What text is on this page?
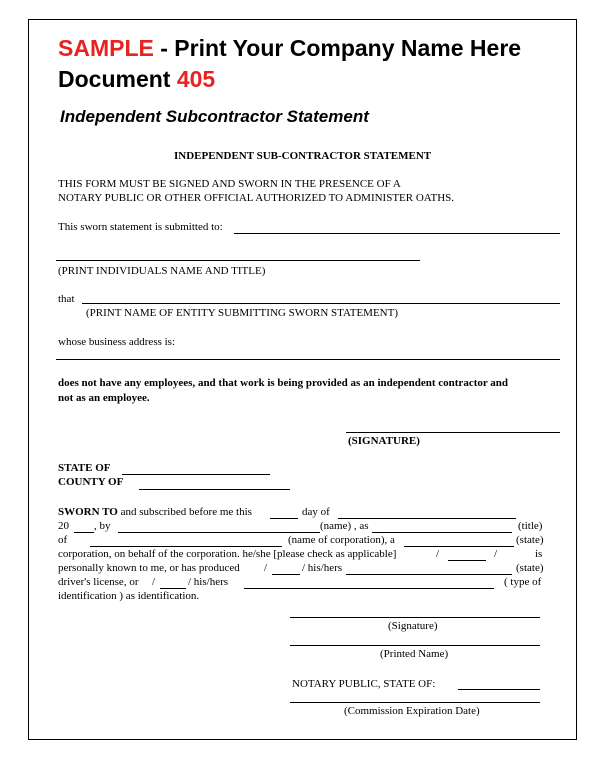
SAMPLE - Print Your Company Name Here
Document 405
Independent Subcontractor Statement
INDEPENDENT SUB-CONTRACTOR STATEMENT
THIS FORM MUST BE SIGNED AND SWORN IN THE PRESENCE OF A
NOTARY PUBLIC OR OTHER OFFICIAL AUTHORIZED TO ADMINISTER OATHS.
This sworn statement is submitted to:
(PRINT INDIVIDUALS NAME AND TITLE)
that
(PRINT NAME OF ENTITY SUBMITTING SWORN STATEMENT)
whose business address is:
does not have any employees, and that work is being provided as an independent contractor and
not as an employee.
(SIGNATURE)
STATE OF
COUNTY OF
SWORN TO and subscribed before me this	day of
20 , by	(name) , as	(title)
of	(name of corporation), a	(state)
corporation, on behalf of the corporation. he/she [please check as applicable]	/	/	is
personally known to me, or has produced /	/ his/hers	(state)
driver's license, or /	/ his/hers	( type of
identification ) as identification.
(Signature)
(Printed Name)
NOTARY PUBLIC, STATE OF:
(Commission Expiration Date)
